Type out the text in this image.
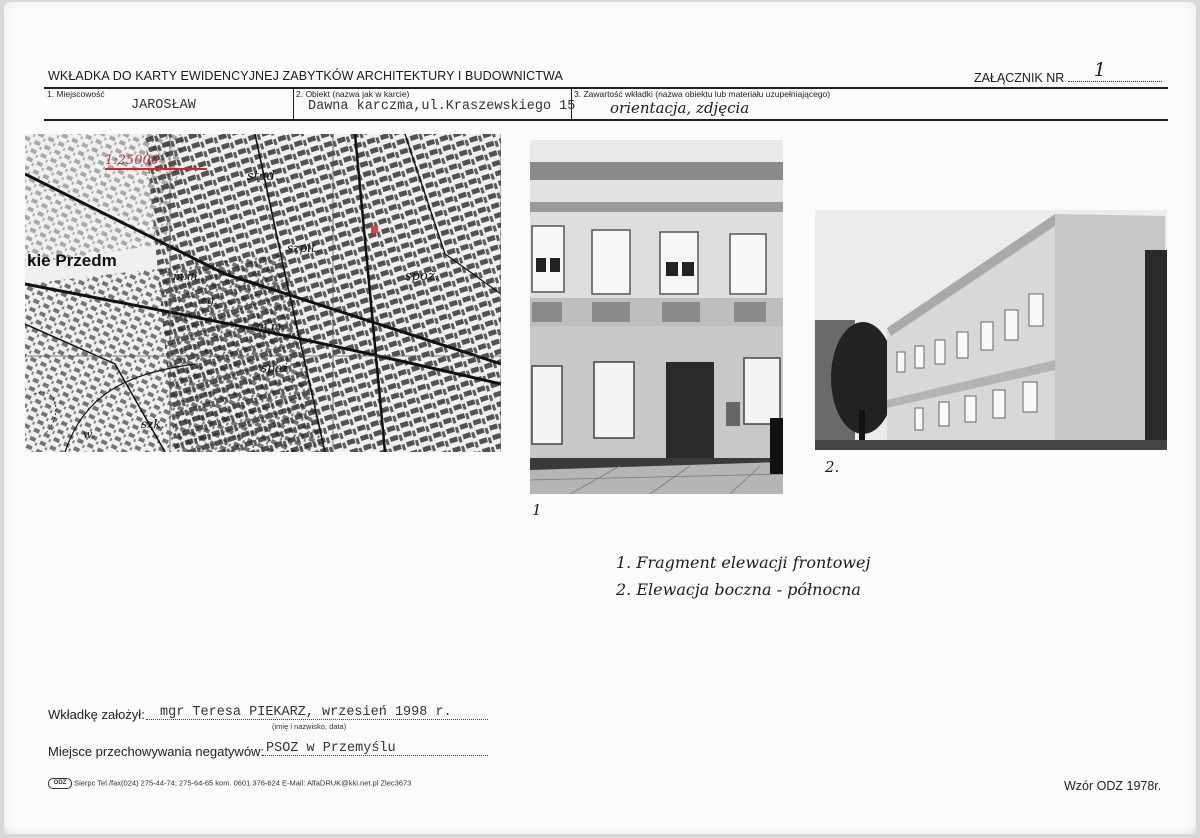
WKŁADKA DO KARTY EWIDENCYJNEJ ZABYTKÓW ARCHITEKTURY I BUDOWNICTWA	ZAŁĄCZNIK NR 1
1. Miejscowość
JAROSŁAW
2. Obiekt (nazwa jak w karcie)
Dawna karczma,ul.Kraszewskiego 15
3. Zawartość wkładki (nazwa obiektu lub materiału uzupełniającego)
orientacja, zdjęcia
1:25000
stad.
kie Przedm
szpit.
spoż.
m.m.
cg.
m.m.
spoż
szk.
w.
1
2.
1. Fragment elewacji frontowej
2. Elewacja boczna - północna
Wkładkę założył:	mgr Teresa PIEKARZ, wrzesień 1998 r.
(imię i nazwisko, data)
Miejsce przechowywania negatywów: PSOZ w Przemyślu
ODZ Sierpc Tel./fax(024) 275-44-74; 275-64-65 kom. 0601 376-624 E-Mail: AlfaDRUK@kki.net.pl Zlec3673	Wzór ODZ 1978r.
